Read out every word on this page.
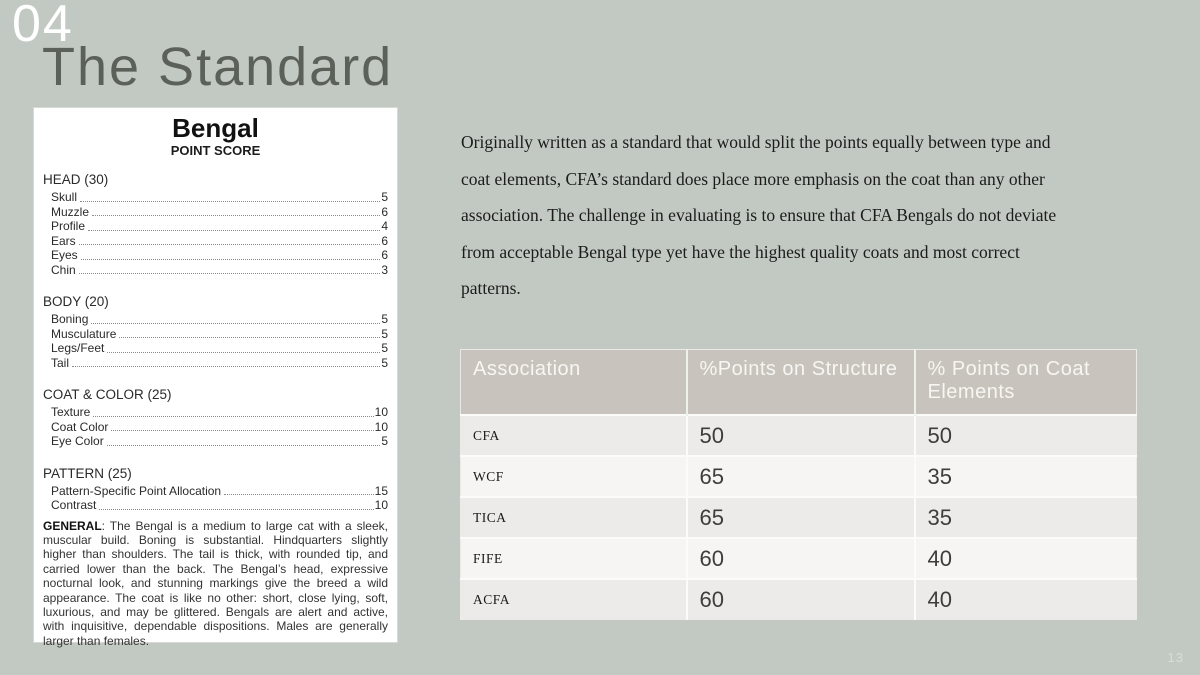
04
The Standard
Bengal
POINT SCORE
HEAD (30)
Skull	5
Muzzle	6
Profile	4
Ears	6
Eyes	6
Chin	3
BODY (20)
Boning	5
Musculature	5
Legs/Feet	5
Tail	5
COAT & COLOR (25)
Texture	10
Coat Color	10
Eye Color	5
PATTERN (25)
Pattern-Specific Point Allocation	15
Contrast	10
GENERAL: The Bengal is a medium to large cat with a sleek, muscular build. Boning is substantial. Hindquarters slightly higher than shoulders. The tail is thick, with rounded tip, and carried lower than the back. The Bengal’s head, expressive nocturnal look, and stunning markings give the breed a wild appearance. The coat is like no other: short, close lying, soft, luxurious, and may be glittered. Bengals are alert and active, with inquisitive, dependable dispositions. Males are generally larger than females.
Originally written as a standard that would split the points equally between type and coat elements, CFA’s standard does place more emphasis on the coat than any other association. The challenge in evaluating is to ensure that CFA Bengals do not deviate from acceptable Bengal type yet have the highest quality coats and most correct patterns.
Association	%Points on Structure	% Points on Coat Elements
CFA	50	50
WCF	65	35
TICA	65	35
FIFE	60	40
ACFA	60	40
13
